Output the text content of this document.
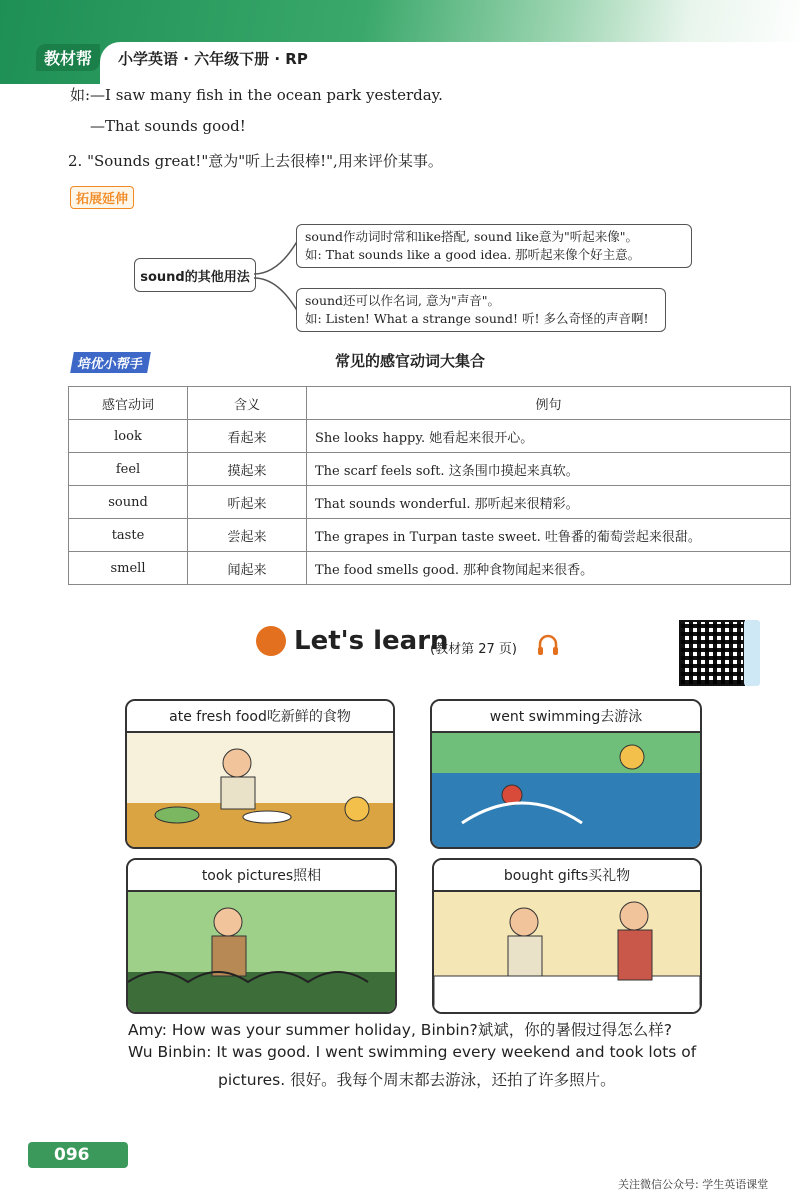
教材帮	小学英语 · 六年级下册 · RP
如:—I saw many fish in the ocean park yesterday.
—That sounds good!
2. "Sounds great!"意为"听上去很棒!",用来评价某事。
拓展延伸
sound的其他用法
sound作动词时常和like搭配, sound like意为"听起来像"。
如: That sounds like a good idea. 那听起来像个好主意。
sound还可以作名词, 意为"声音"。
如: Listen! What a strange sound! 听! 多么奇怪的声音啊!
培优小帮手	常见的感官动词大集合
感官动词	含义	例句
look	看起来	She looks happy. 她看起来很开心。
feel	摸起来	The scarf feels soft. 这条围巾摸起来真软。
sound	听起来	That sounds wonderful. 那听起来很精彩。
taste	尝起来	The grapes in Turpan taste sweet. 吐鲁番的葡萄尝起来很甜。
smell	闻起来	The food smells good. 那种食物闻起来很香。
Let's learn
(教材第 27 页)
ate fresh food吃新鲜的食物	went swimming去游泳
took pictures照相	bought gifts买礼物
Amy: How was your summer holiday, Binbin?斌斌，你的暑假过得怎么样?
Wu Binbin: It was good. I went swimming every weekend and took lots of
pictures. 很好。我每个周末都去游泳，还拍了许多照片。
096
关注微信公众号: 学生英语课堂
